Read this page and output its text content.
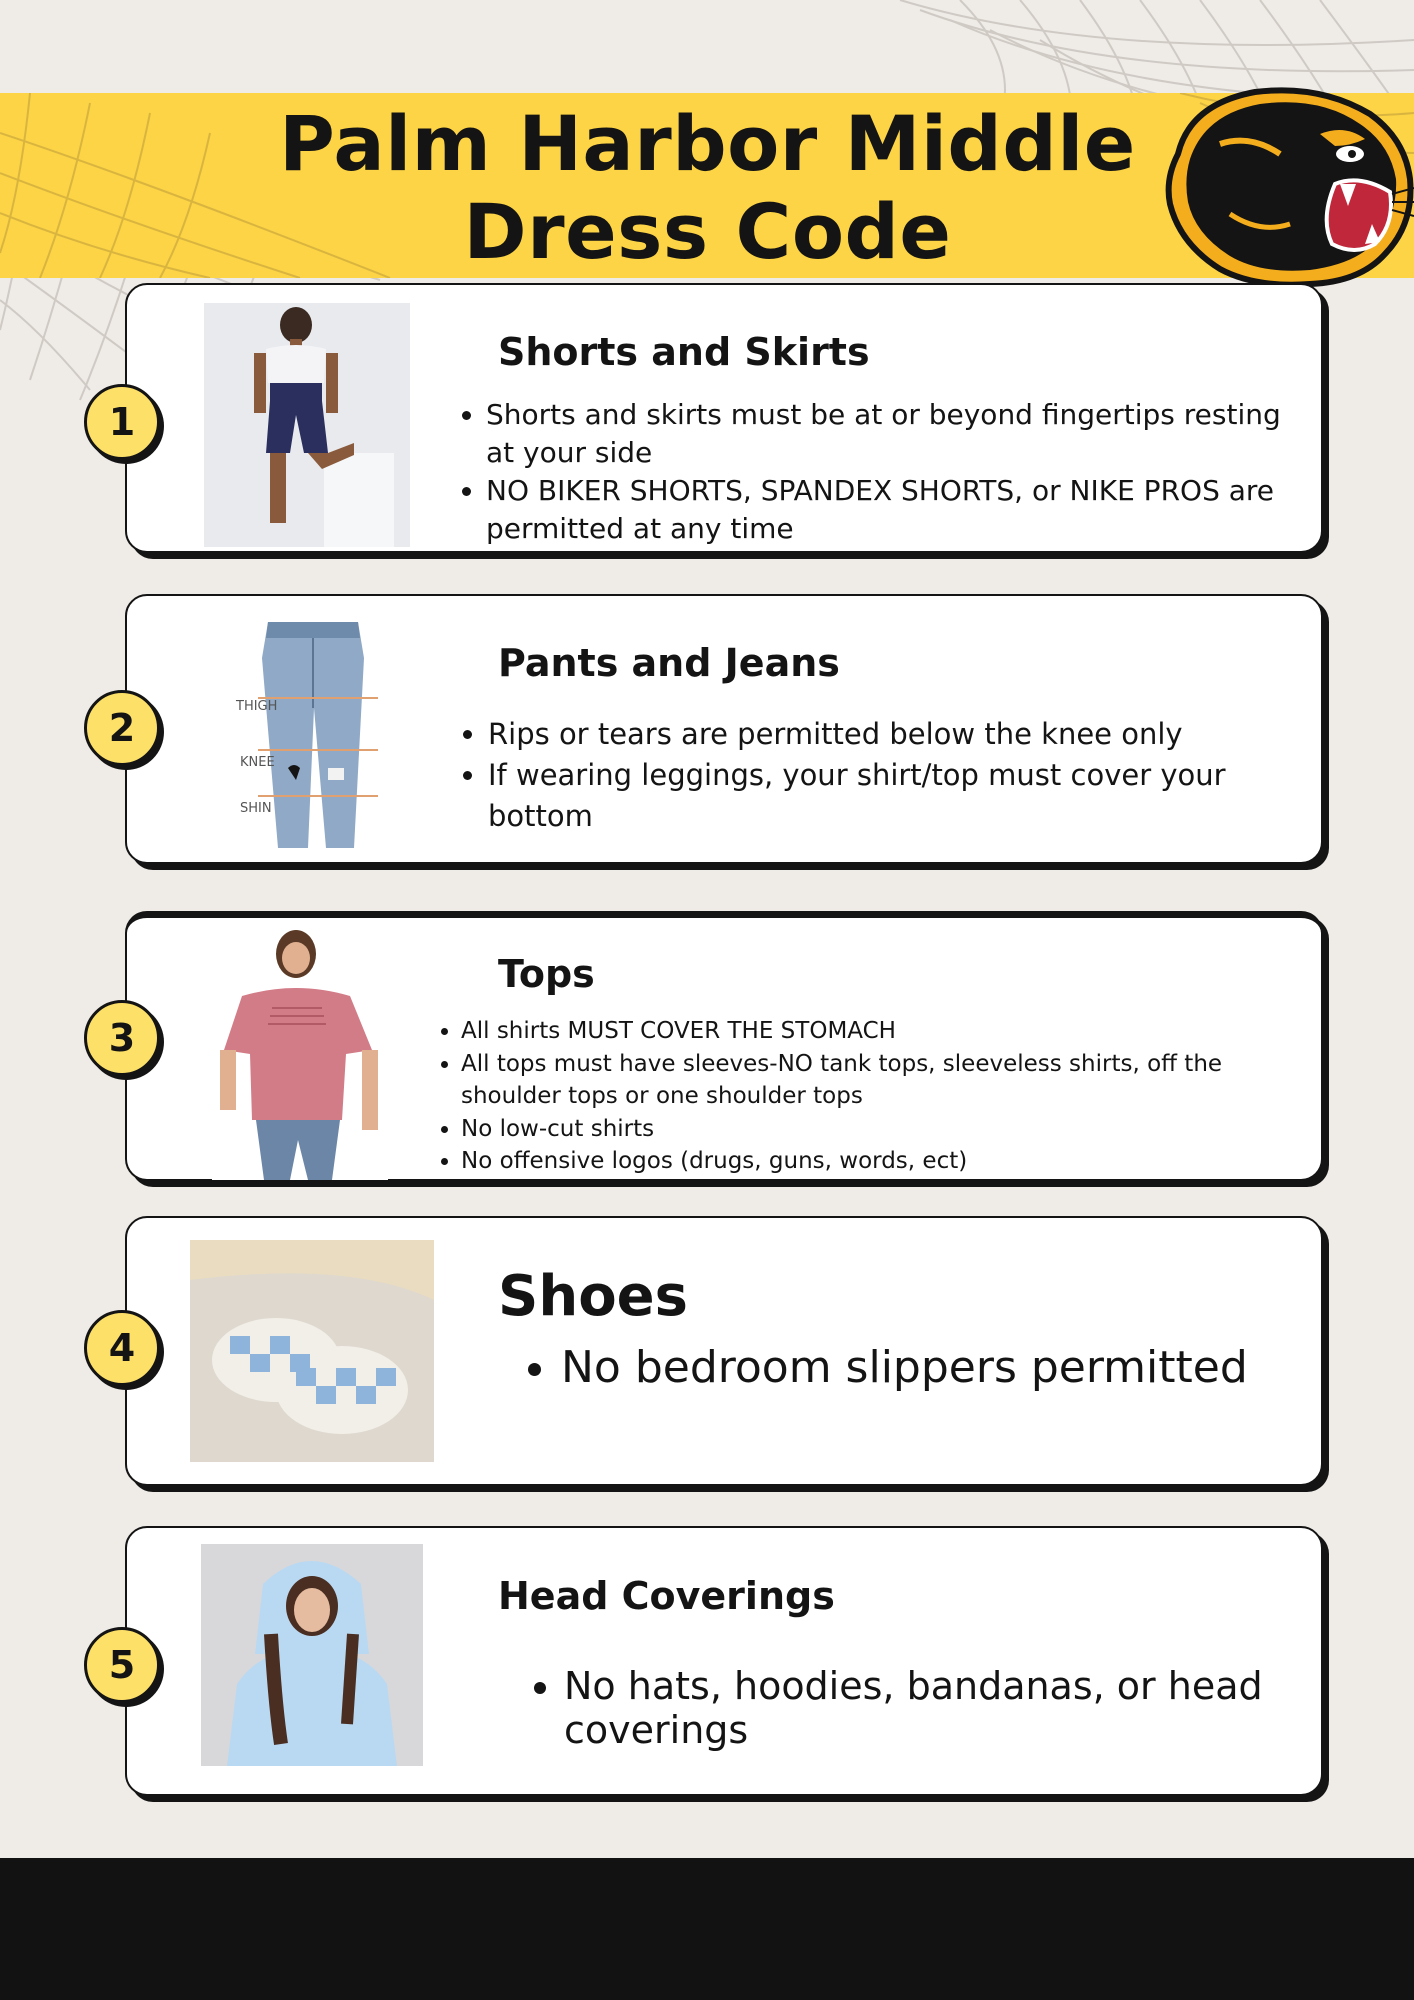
Palm Harbor Middle
Dress Code
1
Shorts and Skirts
• Shorts and skirts must be at or beyond fingertips resting at your side
• NO BIKER SHORTS, SPANDEX SHORTS, or NIKE PROS are permitted at any time
2	THIGH
KNEE
SHIN
Pants and Jeans
• Rips or tears are permitted below the knee only
• If wearing leggings, your shirt/top must cover your bottom
3
Tops
• All shirts MUST COVER THE STOMACH
• All tops must have sleeves-NO tank tops, sleeveless shirts, off the shoulder tops or one shoulder tops
• No low-cut shirts
• No offensive logos (drugs, guns, words, ect)
4
Shoes
• No bedroom slippers permitted
5
Head Coverings
• No hats, hoodies, bandanas, or head coverings
